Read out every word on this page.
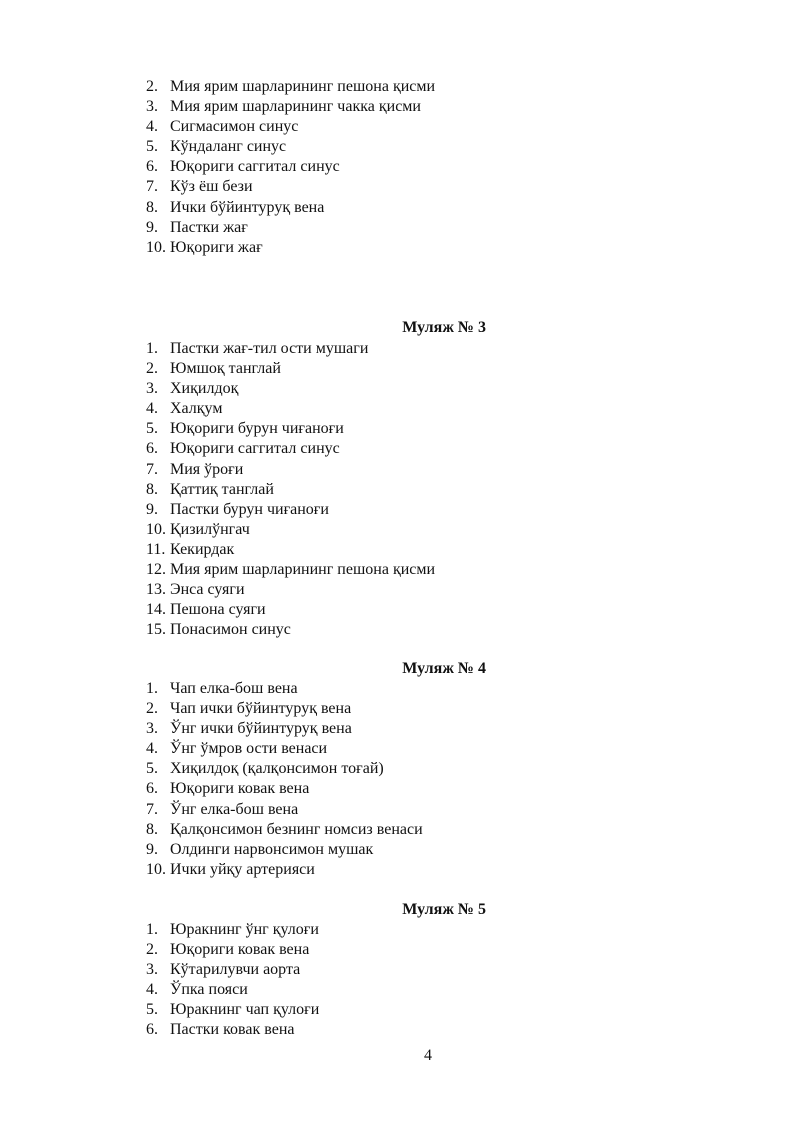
2. Мия ярим шарларининг пешона қисми
3. Мия ярим шарларининг чакка қисми
4. Сигмасимон синус
5. Кўндаланг синус
6. Юқориги саггитал синус
7. Кўз ёш бези
8. Ички бўйинтуруқ вена
9. Пастки жағ
10. Юқориги жағ
Муляж № 3
1. Пастки жағ-тил ости мушаги
2. Юмшоқ танглай
3. Хиқилдоқ
4. Халқум
5. Юқориги бурун чиғаноғи
6. Юқориги саггитал синус
7. Мия ўроғи
8. Қаттиқ танглай
9. Пастки бурун чиғаноғи
10. Қизилўнгач
11. Кекирдак
12. Мия ярим шарларининг пешона қисми
13. Энса суяги
14. Пешона суяги
15. Понасимон синус
Муляж № 4
1. Чап елка-бош вена
2. Чап ички бўйинтуруқ вена
3. Ўнг ички бўйинтуруқ вена
4. Ўнг ўмров ости венаси
5. Хиқилдоқ (қалқонсимон тоғай)
6. Юқориги ковак вена
7. Ўнг елка-бош вена
8. Қалқонсимон безнинг номсиз венаси
9. Олдинги нарвонсимон мушак
10. Ички уйқу артерияси
Муляж № 5
1. Юракнинг ўнг қулоғи
2. Юқориги ковак вена
3. Кўтарилувчи аорта
4. Ўпка пояси
5. Юракнинг чап қулоғи
6. Пастки ковак вена
4
